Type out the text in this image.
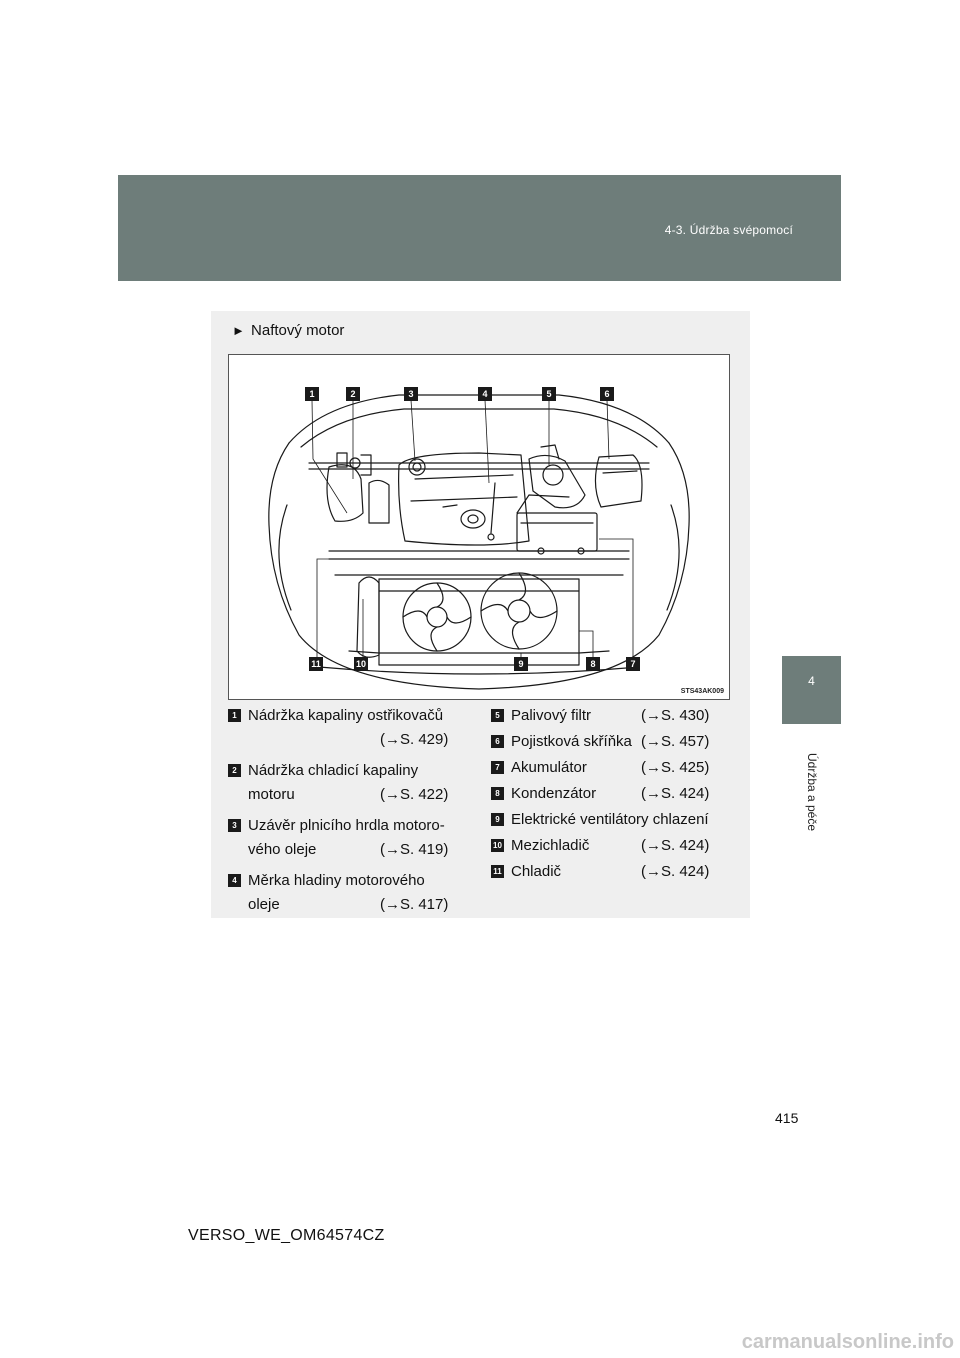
4-3. Údržba svépomocí
4
Údržba a péče
► Naftový motor
1	2	3	4	5	6
7
8
9
10
11
STS43AK009
1 Nádržka kapaliny ostřikovačů
(→S. 429)
2 Nádržka chladicí kapaliny
motoru	(→S. 422)
3 Uzávěr plnicího hrdla motoro-
vého oleje	(→S. 419)
4 Měrka hladiny motorového
oleje	(→S. 417)
5 Palivový filtr	(→S. 430)
6 Pojistková skříňka (→S. 457)
7 Akumulátor	(→S. 425)
8 Kondenzátor	(→S. 424)
9 Elektrické ventilátory chlazení
10 Mezichladič	(→S. 424)
11 Chladič	(→S. 424)
415
VERSO_WE_OM64574CZ
carmanualsonline.info
